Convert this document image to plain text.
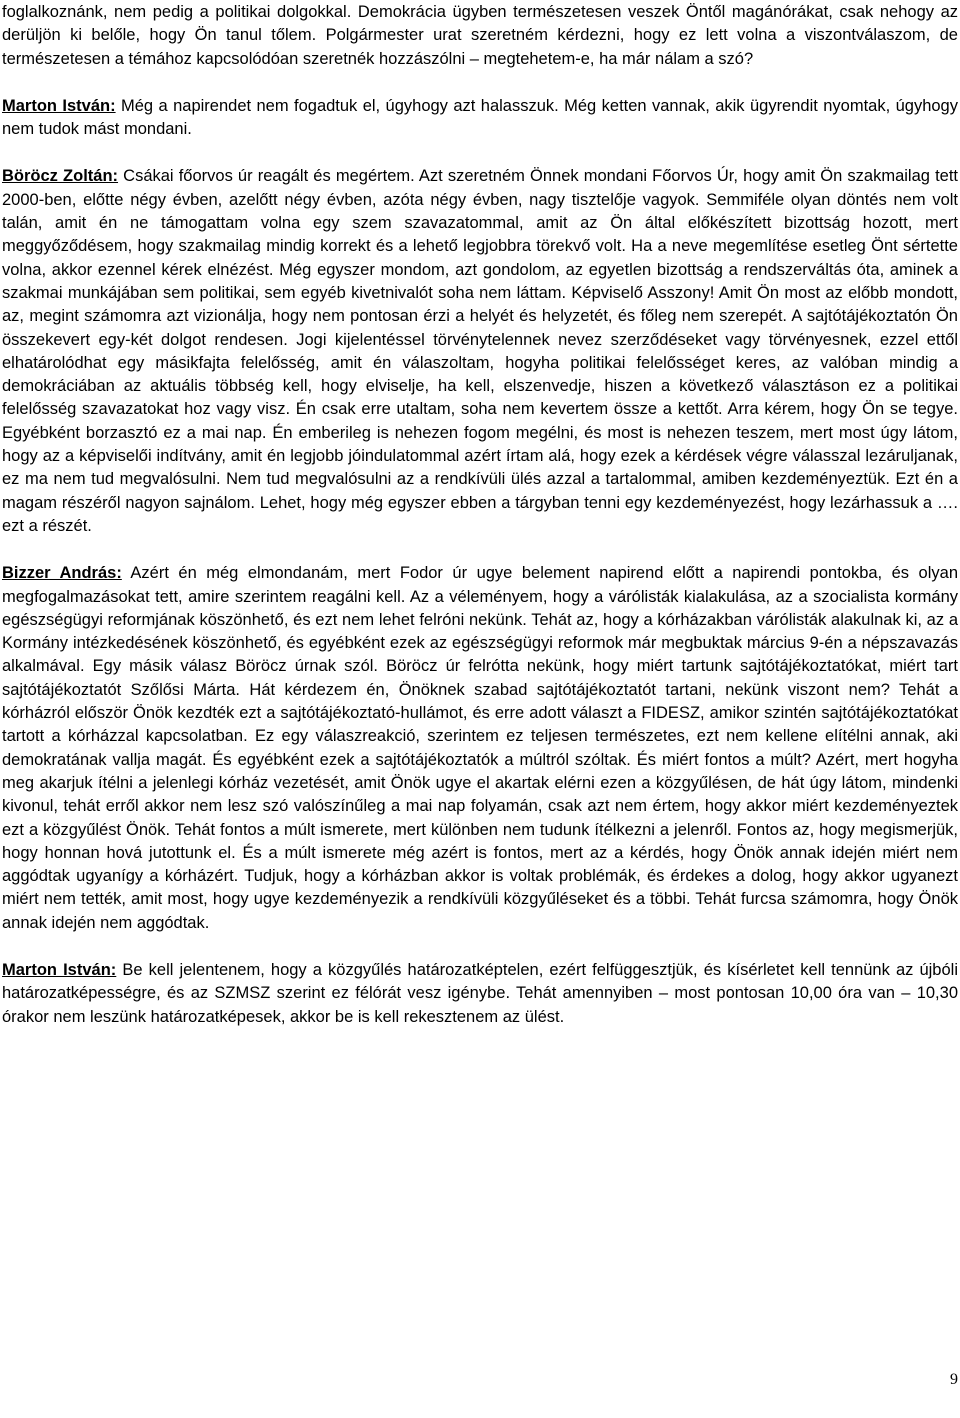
foglalkoznánk, nem pedig a politikai dolgokkal. Demokrácia ügyben természetesen veszek Öntől magánórákat, csak nehogy az derüljön ki belőle, hogy Ön tanul tőlem. Polgármester urat szeretném kérdezni, hogy ez lett volna a viszontválaszom, de természetesen a témához kapcsolódóan szeretnék hozzászólni – megtehetem-e, ha már nálam a szó?

Marton István: Még a napirendet nem fogadtuk el, úgyhogy azt halasszuk. Még ketten vannak, akik ügyrendit nyomtak, úgyhogy nem tudok mást mondani.

Böröcz Zoltán: Csákai főorvos úr reagált és megértem. Azt szeretném Önnek mondani Főorvos Úr, hogy amit Ön szakmailag tett 2000-ben, előtte négy évben, azelőtt négy évben, azóta négy évben, nagy tisztelője vagyok. Semmiféle olyan döntés nem volt talán, amit én ne támogattam volna egy szem szavazatommal, amit az Ön által előkészített bizottság hozott, mert meggyőződésem, hogy szakmailag mindig korrekt és a lehető legjobbra törekvő volt. Ha a neve megemlítése esetleg Önt sértette volna, akkor ezennel kérek elnézést. Még egyszer mondom, azt gondolom, az egyetlen bizottság a rendszerváltás óta, aminek a szakmai munkájában sem politikai, sem egyéb kivetnivalót soha nem láttam. Képviselő Asszony! Amit Ön most az előbb mondott, az, megint számomra azt vizionálja, hogy nem pontosan érzi a helyét és helyzetét, és főleg nem szerepét. A sajtótájékoztatón Ön összekevert egy-két dolgot rendesen. Jogi kijelentéssel törvénytelennek nevez szerződéseket vagy törvényesnek, ezzel ettől elhatárolódhat egy másikfajta felelősség, amit én válaszoltam, hogyha politikai felelősséget keres, az valóban mindig a demokráciában az aktuális többség kell, hogy elviselje, ha kell, elszenvedje, hiszen a következő választáson ez a politikai felelősség szavazatokat hoz vagy visz. Én csak erre utaltam, soha nem kevertem össze a kettőt. Arra kérem, hogy Ön se tegye. Egyébként borzasztó ez a mai nap. Én emberileg is nehezen fogom megélni, és most is nehezen teszem, mert most úgy látom, hogy az a képviselői indítvány, amit én legjobb jóindulatommal azért írtam alá, hogy ezek a kérdések végre válasszal lezáruljanak, ez ma nem tud megvalósulni. Nem tud megvalósulni az a rendkívüli ülés azzal a tartalommal, amiben kezdeményeztük. Ezt én a magam részéről nagyon sajnálom. Lehet, hogy még egyszer ebben a tárgyban tenni egy kezdeményezést, hogy lezárhassuk a …. ezt a részét.

Bizzer András: Azért én még elmondanám, mert Fodor úr ugye belement napirend előtt a napirendi pontokba, és olyan megfogalmazásokat tett, amire szerintem reagálni kell. Az a véleményem, hogy a várólisták kialakulása, az a szocialista kormány egészségügyi reformjának köszönhető, és ezt nem lehet felróni nekünk. Tehát az, hogy a kórházakban várólisták alakulnak ki, az a Kormány intézkedésének köszönhető, és egyébként ezek az egészségügyi reformok már megbuktak március 9-én a népszavazás alkalmával. Egy másik válasz Böröcz úrnak szól. Böröcz úr felrótta nekünk, hogy miért tartunk sajtótájékoztatókat, miért tart sajtótájékoztatót Szőlősi Márta. Hát kérdezem én, Önöknek szabad sajtótájékoztatót tartani, nekünk viszont nem? Tehát a kórházról először Önök kezdték ezt a sajtótájékoztató-hullámot, és erre adott választ a FIDESZ, amikor szintén sajtótájékoztatókat tartott a kórházzal kapcsolatban. Ez egy válaszreakció, szerintem ez teljesen természetes, ezt nem kellene elítélni annak, aki demokratának vallja magát. És egyébként ezek a sajtótájékoztatók a múltról szóltak. És miért fontos a múlt? Azért, mert hogyha meg akarjuk ítélni a jelenlegi kórház vezetését, amit Önök ugye el akartak elérni ezen a közgyűlésen, de hát úgy látom, mindenki kivonul, tehát erről akkor nem lesz szó valószínűleg a mai nap folyamán, csak azt nem értem, hogy akkor miért kezdeményeztek ezt a közgyűlést Önök. Tehát fontos a múlt ismerete, mert különben nem tudunk ítélkezni a jelenről. Fontos az, hogy megismerjük, hogy honnan hová jutottunk el. És a múlt ismerete még azért is fontos, mert az a kérdés, hogy Önök annak idején miért nem aggódtak ugyanígy a kórházért. Tudjuk, hogy a kórházban akkor is voltak problémák, és érdekes a dolog, hogy akkor ugyanezt miért nem tették, amit most, hogy ugye kezdeményezik a rendkívüli közgyűléseket és a többi. Tehát furcsa számomra, hogy Önök annak idején nem aggódtak.

Marton István: Be kell jelentenem, hogy a közgyűlés határozatképtelen, ezért felfüggesztjük, és kísérletet kell tennünk az újbóli határozatképességre, és az SZMSZ szerint ez félórát vesz igénybe. Tehát amennyiben – most pontosan 10,00 óra van – 10,30 órakor nem leszünk határozatképesek, akkor be is kell rekesztenem az ülést.

9
